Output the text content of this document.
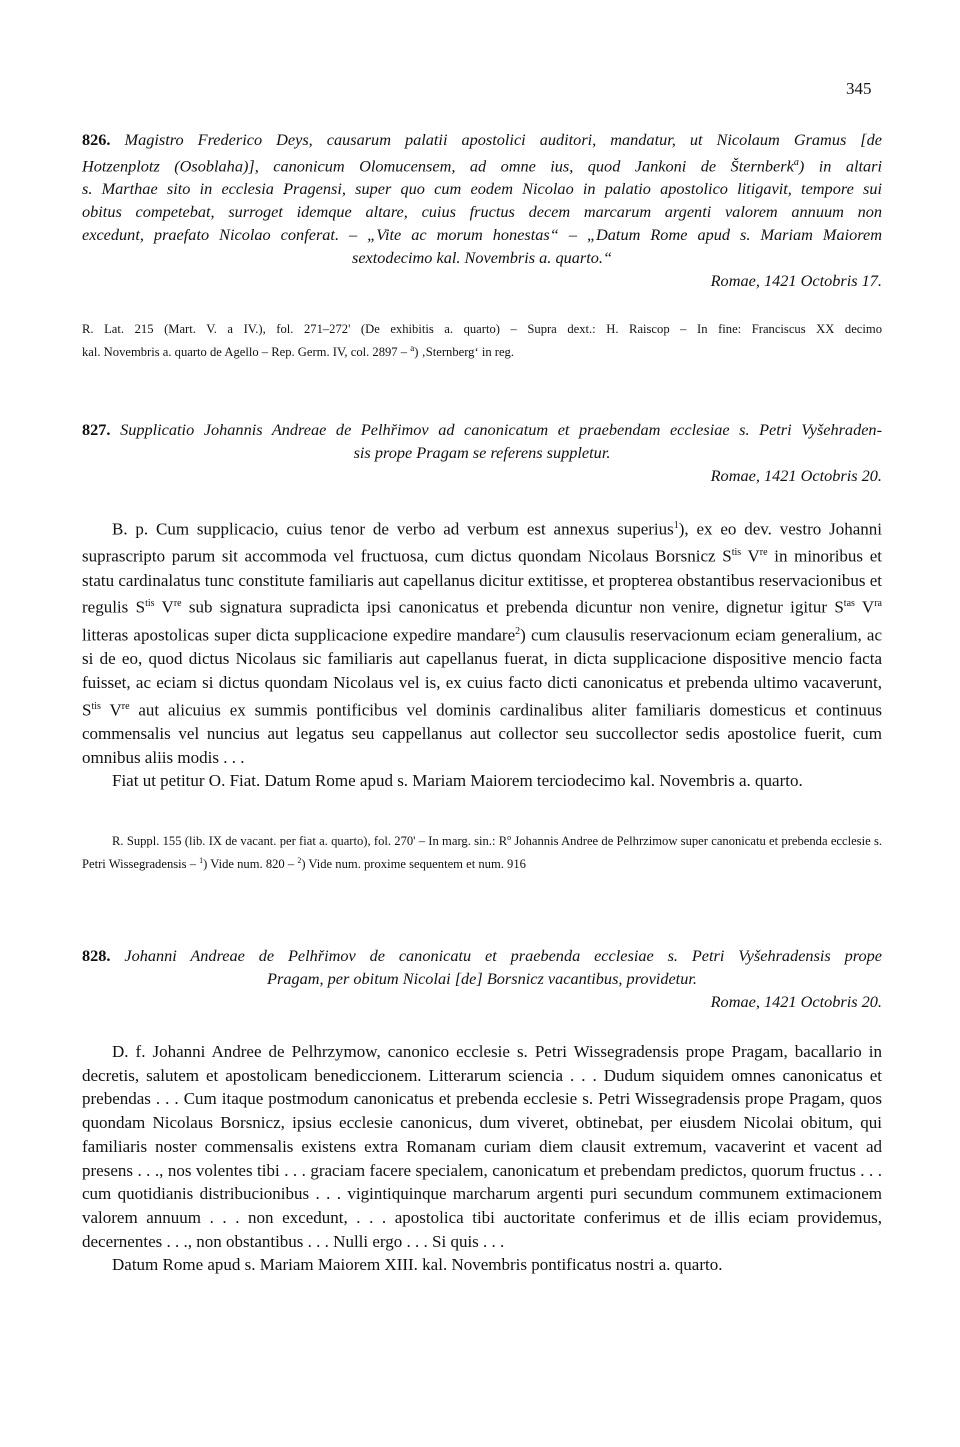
345
826. Magistro Frederico Deys, causarum palatii apostolici auditori, mandatur, ut Nicolaum Gramus [de
Hotzenplotz (Osoblaha)], canonicum Olomucensem, ad omne ius, quod Jankoni de Šternberk$^a$) in altari
s. Marthae sito in ecclesia Pragensi, super quo cum eodem Nicolao in palatio apostolico litigavit, tempore sui
obitus competebat, surroget idemque altare, cuius fructus decem marcarum argenti valorem annuum non
excedunt, praefato Nicolao conferat. – „Vite ac morum honestas“ – „Datum Rome apud s. Mariam Maiorem
sextodecimo kal. Novembris a. quarto.“
Romae, 1421 Octobris 17.
R. Lat. 215 (Mart. V. a IV.), fol. 271–272' (De exhibitis a. quarto) – Supra dext.: H. Raiscop – In fine: Franciscus XX decimo
kal. Novembris a. quarto de Agello – Rep. Germ. IV, col. 2897 – $^a$) ‚Sternberg‘ in reg.
827. Supplicatio Johannis Andreae de Pelhřimov ad canonicatum et praebendam ecclesiae s. Petri Vyšehraden-
sis prope Pragam se referens suppletur.
Romae, 1421 Octobris 20.

B. p. Cum supplicacio, cuius tenor de verbo ad verbum est annexus superius$^1$), ex eo dev. vestro Johanni suprascripto parum sit accommoda vel fructuosa, cum dictus quondam Nicolaus Borsnicz $S^{tis}$ Vre in minoribus et statu cardinalatus tunc constitute familiaris aut capellanus dicitur extitisse, et propterea obstantibus reservacionibus et regulis $S^{tis}$ Vre sub signatura supradicta ipsi canonicatus et prebenda dicuntur non venire, dignetur igitur $S^{tas}$ $V^{ra}$ litteras apostolicas super dicta supplicacione expedire mandare$^2$) cum clausulis reservacionum eciam generalium, ac si de eo, quod dictus Nicolaus sic familiaris aut capellanus fuerat, in dicta supplicacione dispositive mencio facta fuisset, ac eciam si dictus quondam Nicolaus vel is, ex cuius facto dicti canonicatus et prebenda ultimo vacaverunt, $S^{tis}$ Vre aut alicuius ex summis pontificibus vel dominis cardinalibus aliter familiaris domesticus et continuus commensalis vel nuncius aut legatus seu cappellanus aut collector seu succollector sedis apostolice fuerit, cum omnibus aliis modis . . .

Fiat ut petitur O. Fiat. Datum Rome apud s. Mariam Maiorem terciodecimo kal. Novembris a. quarto.

R. Suppl. 155 (lib. IX de vacant. per fiat a. quarto), fol. 270' – In marg. sin.: $R^o$ Johannis Andree de Pelhrzimow super canonicatu et prebenda ecclesie s. Petri Wissegradensis – $^1$) Vide num. 820 – $^2$) Vide num. proxime sequentem et num. 916

828. Johanni Andreae de Pelhřimov de canonicatu et praebenda ecclesiae s. Petri Vyšehradensis prope
Pragam, per obitum Nicolai [de] Borsnicz vacantibus, providetur.
Romae, 1421 Octobris 20.

D. f. Johanni Andree de Pelhrzymow, canonico ecclesie s. Petri Wissegradensis prope Pragam, bacallario in decretis, salutem et apostolicam benediccionem. Litterarum sciencia . . . Dudum siquidem omnes canonicatus et prebendas . . . Cum itaque postmodum canonicatus et prebenda ecclesie s. Petri Wissegradensis prope Pragam, quos quondam Nicolaus Borsnicz, ipsius ecclesie canonicus, dum viveret, obtinebat, per eiusdem Nicolai obitum, qui familiaris noster commensalis existens extra Romanam curiam diem clausit extremum, vacaverint et vacent ad presens . . ., nos volentes tibi . . . graciam facere specialem, canonicatum et prebendam predictos, quorum fructus . . . cum quotidianis distribucionibus . . . vigintiquinque marcharum argenti puri secundum communem extimacionem valorem annuum . . . non excedunt, . . . apostolica tibi auctoritate conferimus et de illis eciam providemus, decernentes . . ., non obstantibus . . . Nulli ergo . . . Si quis . . .

Datum Rome apud s. Mariam Maiorem XIII. kal. Novembris pontificatus nostri a. quarto.
